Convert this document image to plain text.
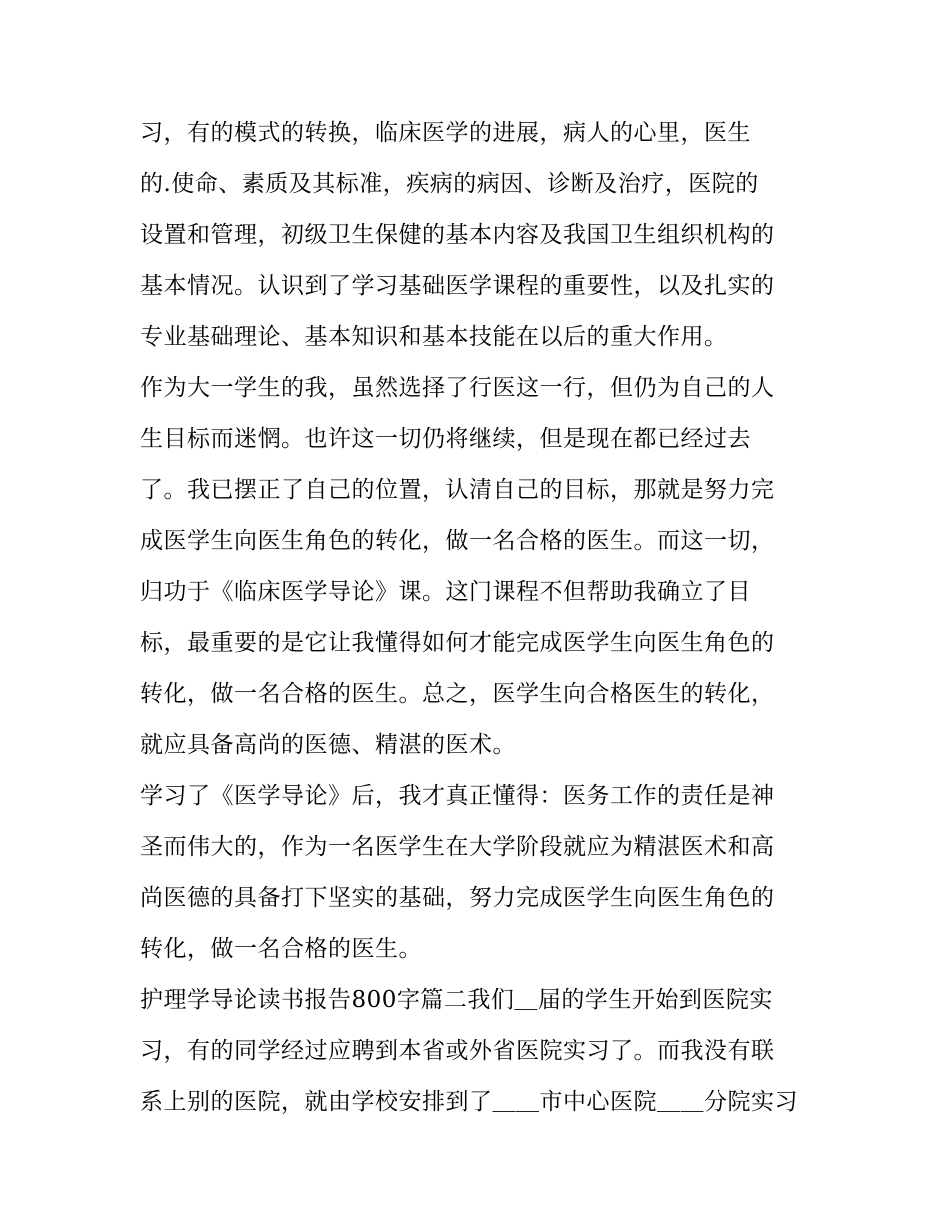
习，有的模式的转换，临床医学的进展，病人的心里，医生
的.使命、素质及其标准，疾病的病因、诊断及治疗，医院的
设置和管理，初级卫生保健的基本内容及我国卫生组织机构的
基本情况。认识到了学习基础医学课程的重要性，以及扎实的
专业基础理论、基本知识和基本技能在以后的重大作用。

作为大一学生的我，虽然选择了行医这一行，但仍为自己的人
生目标而迷惘。也许这一切仍将继续，但是现在都已经过去
了。我已摆正了自己的位置，认清自己的目标，那就是努力完
成医学生向医生角色的转化，做一名合格的医生。而这一切，
归功于《临床医学导论》课。这门课程不但帮助我确立了目
标，最重要的是它让我懂得如何才能完成医学生向医生角色的
转化，做一名合格的医生。总之，医学生向合格医生的转化，
就应具备高尚的医德、精湛的医术。

学习了《医学导论》后，我才真正懂得：医务工作的责任是神
圣而伟大的，作为一名医学生在大学阶段就应为精湛医术和高
尚医德的具备打下坚实的基础，努力完成医学生向医生角色的
转化，做一名合格的医生。

护理学导论读书报告800字篇二我们＿届的学生开始到医院实
习，有的同学经过应聘到本省或外省医院实习了。而我没有联
系上别的医院，就由学校安排到了＿＿市中心医院＿＿分院实习
